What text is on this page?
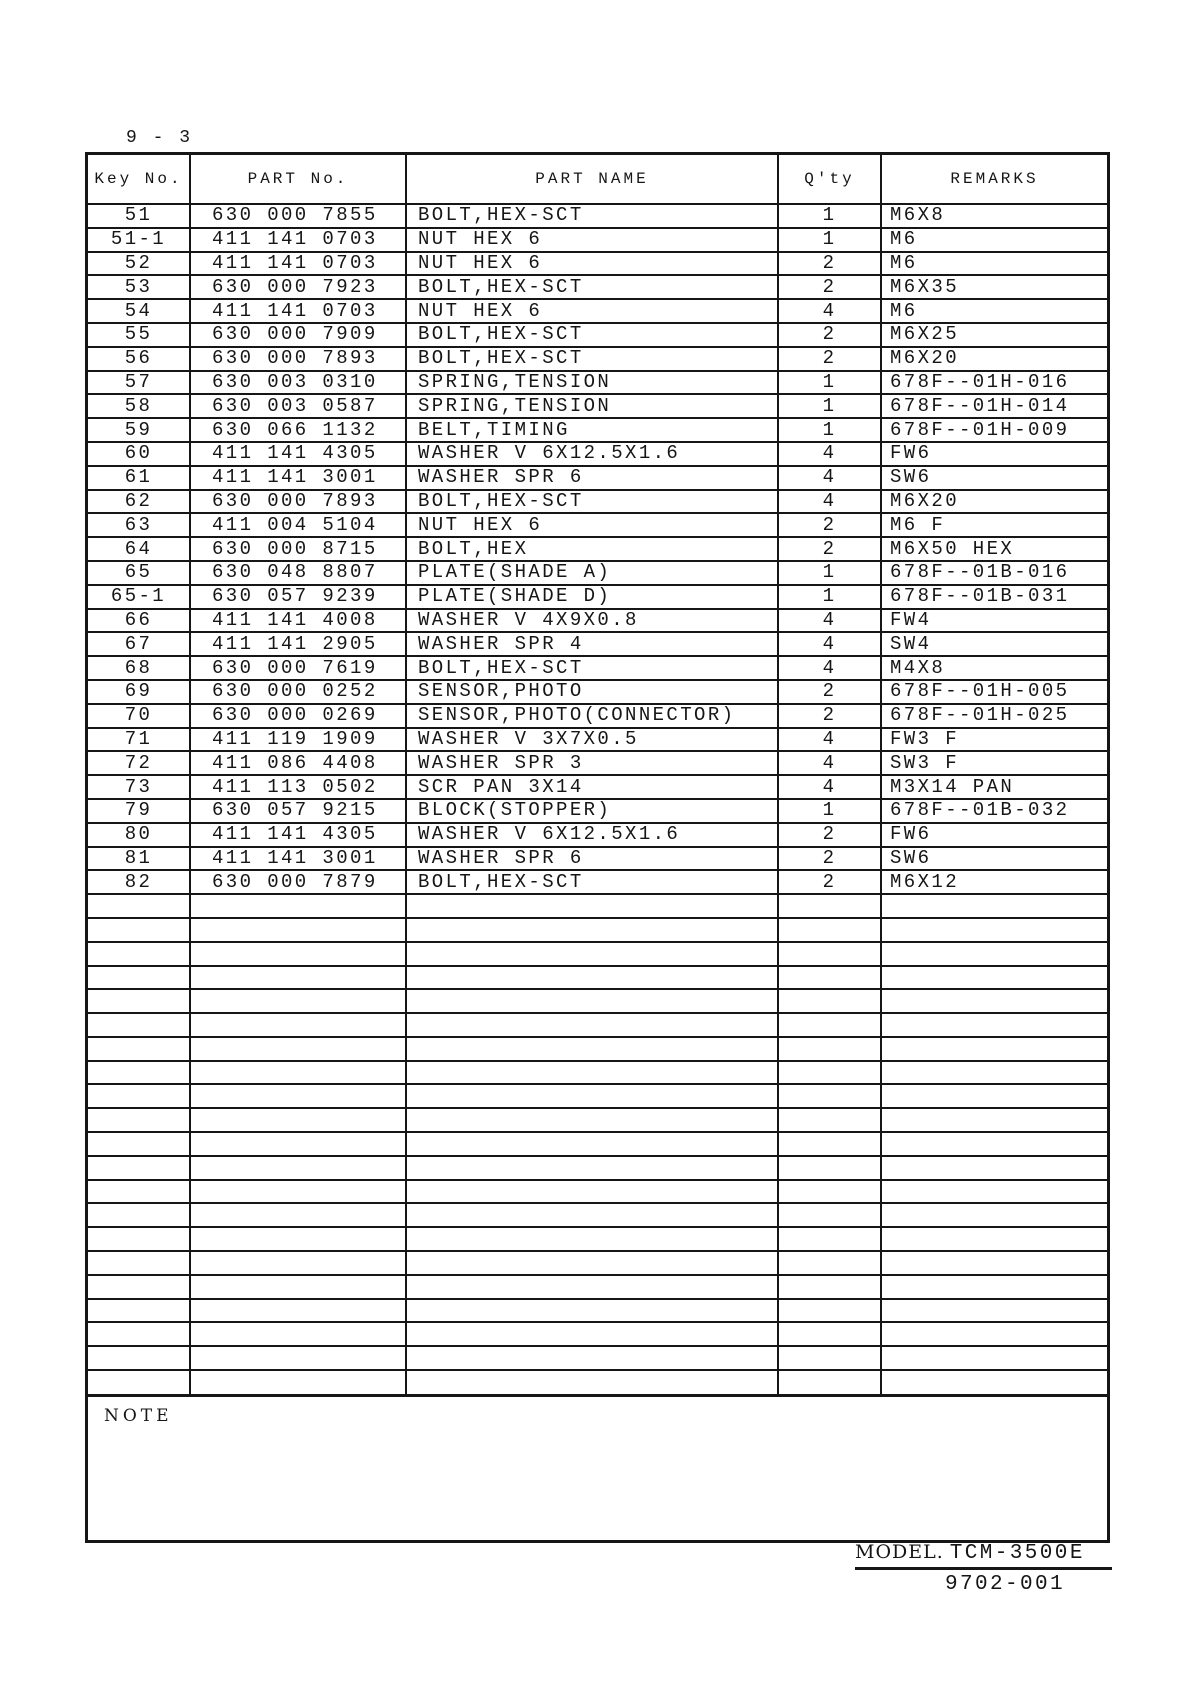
9 - 3
Key No.	PART No.	PART NAME	Q'ty	REMARKS
51	630 000 7855	BOLT,HEX-SCT	1	M6X8
51-1	411 141 0703	NUT HEX 6	1	M6
52	411 141 0703	NUT HEX 6	2	M6
53	630 000 7923	BOLT,HEX-SCT	2	M6X35
54	411 141 0703	NUT HEX 6	4	M6
55	630 000 7909	BOLT,HEX-SCT	2	M6X25
56	630 000 7893	BOLT,HEX-SCT	2	M6X20
57	630 003 0310	SPRING,TENSION	1	678F--01H-016
58	630 003 0587	SPRING,TENSION	1	678F--01H-014
59	630 066 1132	BELT,TIMING	1	678F--01H-009
60	411 141 4305	WASHER V 6X12.5X1.6	4	FW6
61	411 141 3001	WASHER SPR 6	4	SW6
62	630 000 7893	BOLT,HEX-SCT	4	M6X20
63	411 004 5104	NUT HEX 6	2	M6 F
64	630 000 8715	BOLT,HEX	2	M6X50 HEX
65	630 048 8807	PLATE(SHADE A)	1	678F--01B-016
65-1	630 057 9239	PLATE(SHADE D)	1	678F--01B-031
66	411 141 4008	WASHER V 4X9X0.8	4	FW4
67	411 141 2905	WASHER SPR 4	4	SW4
68	630 000 7619	BOLT,HEX-SCT	4	M4X8
69	630 000 0252	SENSOR,PHOTO	2	678F--01H-005
70	630 000 0269	SENSOR,PHOTO(CONNECTOR)	2	678F--01H-025
71	411 119 1909	WASHER V 3X7X0.5	4	FW3 F
72	411 086 4408	WASHER SPR 3	4	SW3 F
73	411 113 0502	SCR PAN 3X14	4	M3X14 PAN
79	630 057 9215	BLOCK(STOPPER)	1	678F--01B-032
80	411 141 4305	WASHER V 6X12.5X1.6	2	FW6
81	411 141 3001	WASHER SPR 6	2	SW6
82	630 000 7879	BOLT,HEX-SCT	2	M6X12

NOTE
MODEL. TCM-3500E
9702-001
